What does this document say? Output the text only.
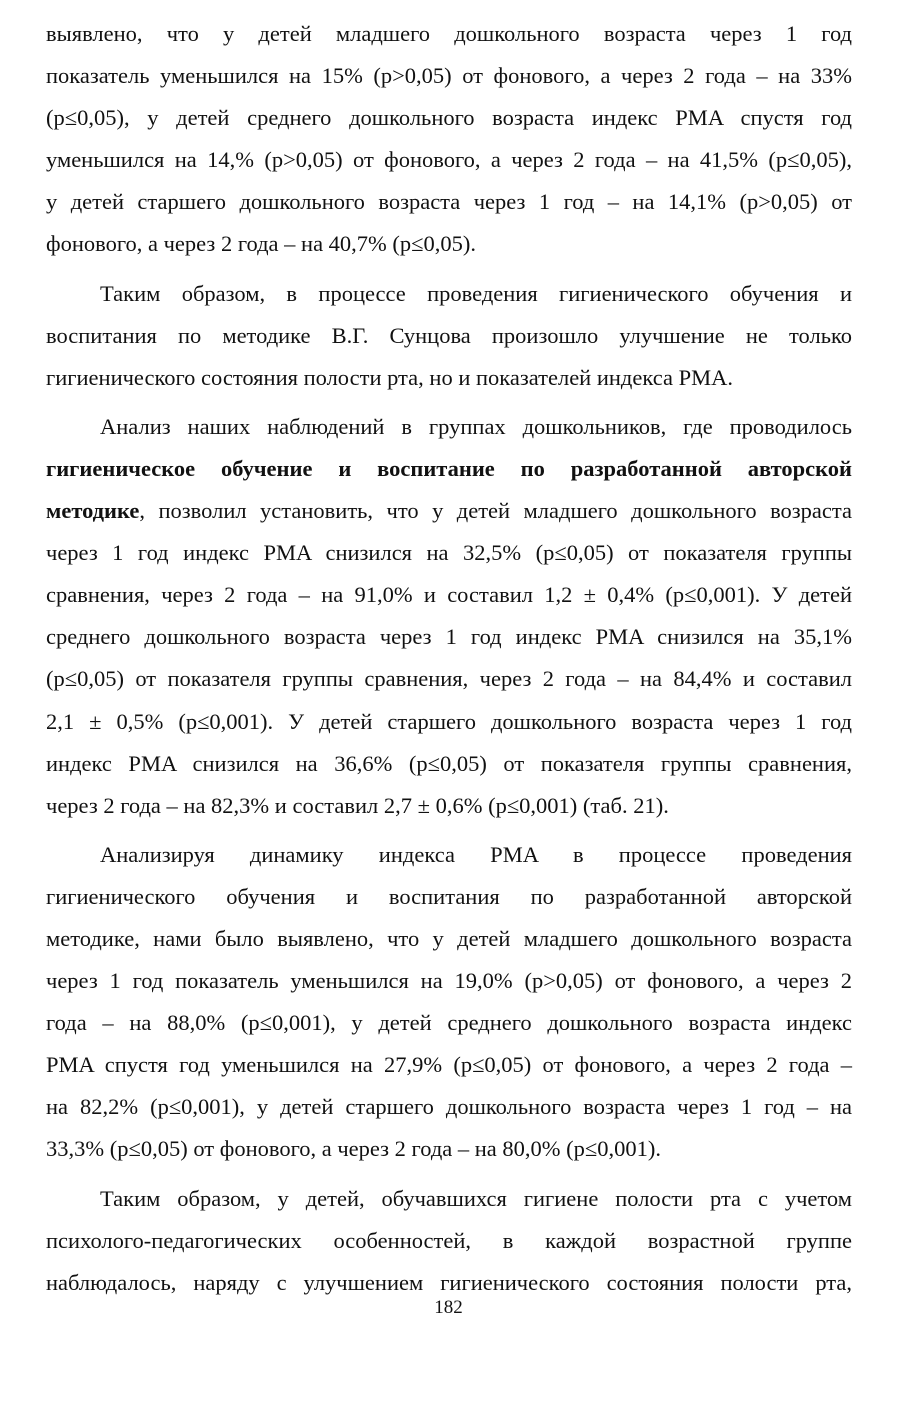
выявлено, что у детей младшего дошкольного возраста через 1 год
показатель уменьшился на 15% (p>0,05) от фонового, а через 2 года – на 33%
(p≤0,05), у детей среднего дошкольного возраста индекс PMA спустя год
уменьшился на 14,% (p>0,05) от фонового, а через 2 года – на 41,5% (p≤0,05),
у детей старшего дошкольного возраста через 1 год – на 14,1% (p>0,05) от
фонового, а через 2 года – на 40,7% (p≤0,05).
Таким образом, в процессе проведения гигиенического обучения и
воспитания по методике В.Г. Сунцова произошло улучшение не только
гигиенического состояния полости рта, но и показателей индекса PMA.
Анализ наших наблюдений в группах дошкольников, где проводилось
гигиеническое обучение и воспитание по разработанной авторской
методике, позволил установить, что у детей младшего дошкольного возраста
через 1 год индекс PMA снизился на 32,5% (p≤0,05) от показателя группы
сравнения, через 2 года – на 91,0% и составил 1,2 ± 0,4% (p≤0,001). У детей
среднего дошкольного возраста через 1 год индекс PMA снизился на 35,1%
(p≤0,05) от показателя группы сравнения, через 2 года – на 84,4% и составил
2,1 ± 0,5% (p≤0,001). У детей старшего дошкольного возраста через 1 год
индекс PMA снизился на 36,6% (p≤0,05) от показателя группы сравнения,
через 2 года – на 82,3% и составил 2,7 ± 0,6% (p≤0,001) (таб. 21).
Анализируя динамику индекса PMA в процессе проведения
гигиенического обучения и воспитания по разработанной авторской
методике, нами было выявлено, что у детей младшего дошкольного возраста
через 1 год показатель уменьшился на 19,0% (p>0,05) от фонового, а через 2
года – на 88,0% (p≤0,001), у детей среднего дошкольного возраста индекс
PMA спустя год уменьшился на 27,9% (p≤0,05) от фонового, а через 2 года –
на 82,2% (p≤0,001), у детей старшего дошкольного возраста через 1 год – на
33,3% (p≤0,05) от фонового, а через 2 года – на 80,0% (p≤0,001).
Таким образом, у детей, обучавшихся гигиене полости рта с учетом
психолого-педагогических особенностей, в каждой возрастной группе
наблюдалось, наряду с улучшением гигиенического состояния полости рта,
182
